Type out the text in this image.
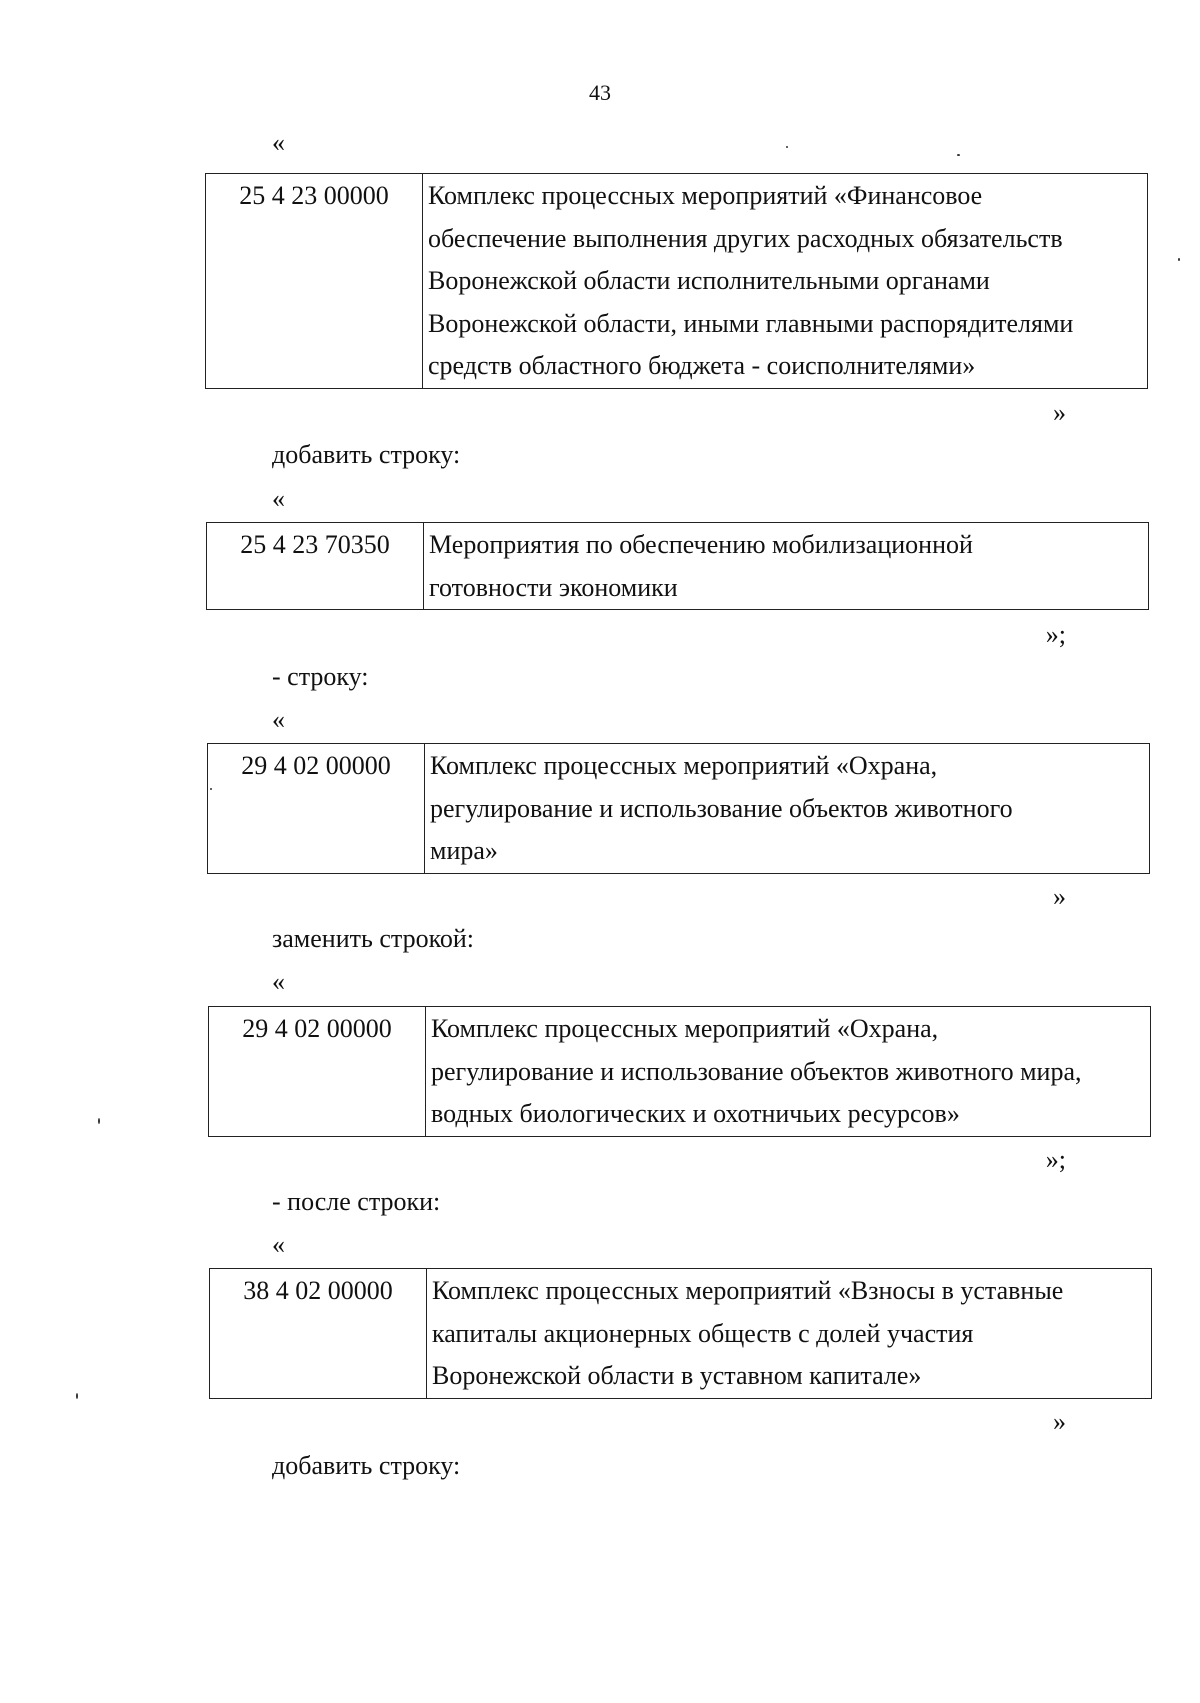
43
«
25 4 23 00000	Комплекс процессных мероприятий «Финансовое
обеспечение выполнения других расходных обязательств
Воронежской области исполнительными органами
Воронежской области, иными главными распорядителями
средств областного бюджета - соисполнителями»
»
добавить строку:
«
25 4 23 70350	Мероприятия по обеспечению мобилизационной
готовности экономики
»;
- строку:
«
29 4 02 00000	Комплекс процессных мероприятий «Охрана,
регулирование и использование объектов животного
мира»
»
заменить строкой:
«
29 4 02 00000	Комплекс процессных мероприятий «Охрана,
регулирование и использование объектов животного мира,
водных биологических и охотничьих ресурсов»
»;
- после строки:
«
38 4 02 00000	Комплекс процессных мероприятий «Взносы в уставные
капиталы акционерных обществ с долей участия
Воронежской области в уставном капитале»
»
добавить строку:
